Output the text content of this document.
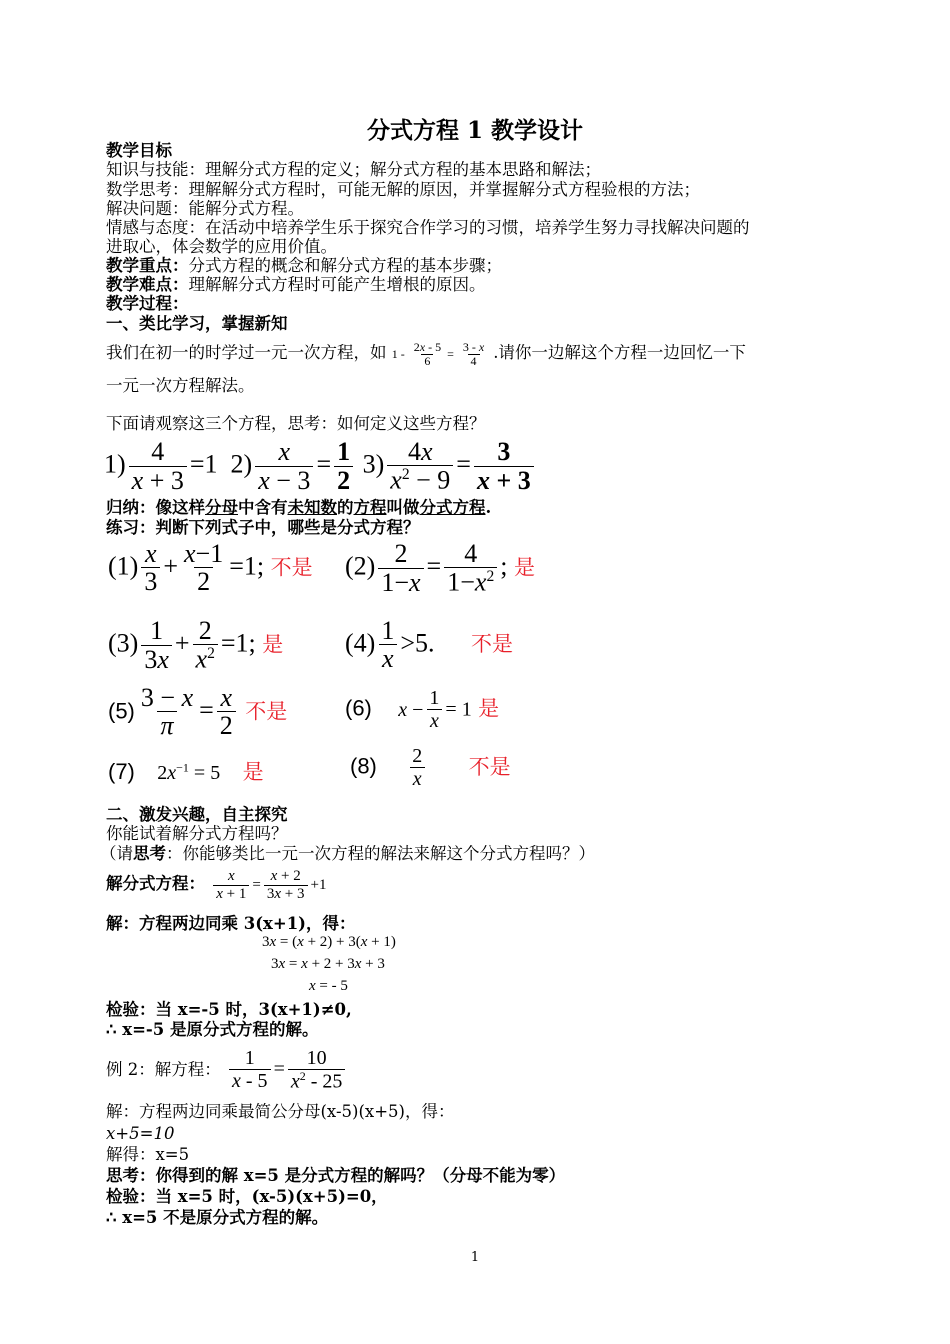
分式方程 1 教学设计
教学目标
知识与技能：理解分式方程的定义；解分式方程的基本思路和解法；
数学思考：理解解分式方程时，可能无解的原因，并掌握解分式方程验根的方法；
解决问题：能解分式方程。
情感与态度：在活动中培养学生乐于探究合作学习的习惯，培养学生努力寻找解决问题的
进取心，体会数学的应用价值。
教学重点：分式方程的概念和解分式方程的基本步骤；
教学难点：理解解分式方程时可能产生增根的原因。
教学过程：
一、类比学习，掌握新知
我们在初一的时学过一元一次方程，如 $1 - \frac{2x - 5}{6} = \frac{3 - x}{4}$ .请你一边解这个方程一边回忆一下
一元一次方程解法。
下面请观察这三个方程，思考：如何定义这些方程？
$1) \frac{4}{x + 3} =1$  $2) \frac{x}{x - 3} = \frac{1}{2} 3) \frac{4x}{x^2 - 9} = \frac{3}{x + 3}$
归纳：像这样分母中含有未知数的方程叫做分式方程.
练习：判断下列式子中，哪些是分式方程？
$(1) \frac{x}{3} + \frac{x-1}{2} =1$; 不是 $(2) \frac{2}{1-x} = \frac{4}{1-x^2}$ ; 是
$(3) \frac{1}{3x} + \frac{2}{x^2} =1$; 是 $(4) \frac{1}{x} >5$. 不是
$(5) \frac{3 - x}{\pi} = \frac{x}{2}$ 不是	(6) $x - \frac{1}{x} = 1$ 是
(7) $2x^{-1} = 5$ 是	$(8) \frac{2}{x}$ 不是
二、激发兴趣，自主探究
你能试着解分式方程吗？
（请思考：你能够类比一元一次方程的解法来解这个分式方程吗？）
解分式方程： $\frac{x}{x + 1} = \frac{x + 2}{3x + 3} +1$
解：方程两边同乘 3(x+1)，得：
3x = (x + 2) + 3(x + 1)
3x = x + 2 + 3x + 3
x = - 5
检验：当 x=-5 时，3(x+1)≠0,
∴ x=-5 是原分式方程的解。
例 2：解方程： $\frac{1}{x - 5} = \frac{10}{x^2 - 25}$
解：方程两边同乘最简公分母(x-5)(x+5)，得：
x+5=10
解得：x=5
思考：你得到的解 x=5 是分式方程的解吗？（分母不能为零）
检验：当 x=5 时，(x-5)(x+5)=0，
∴ x=5 不是原分式方程的解。
1
